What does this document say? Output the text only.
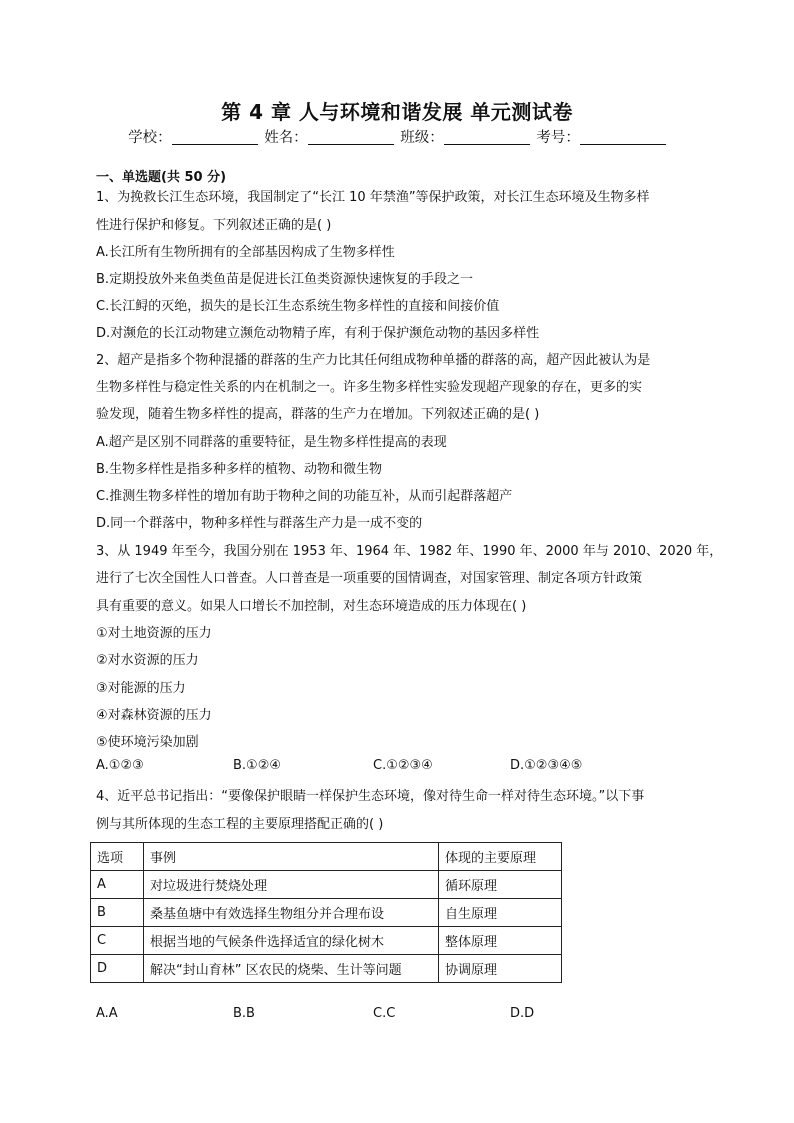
第 4 章 人与环境和谐发展 单元测试卷
学校：	姓名：	班级：	考号：
一、单选题(共 50 分)
1、为挽救长江生态环境，我国制定了“长江 10 年禁渔”等保护政策，对长江生态环境及生物多样
性进行保护和修复。下列叙述正确的是( )
A.长江所有生物所拥有的全部基因构成了生物多样性
B.定期投放外来鱼类鱼苗是促进长江鱼类资源快速恢复的手段之一
C.长江鲟的灭绝，损失的是长江生态系统生物多样性的直接和间接价值
D.对濒危的长江动物建立濒危动物精子库，有利于保护濒危动物的基因多样性
2、超产是指多个物种混播的群落的生产力比其任何组成物种单播的群落的高，超产因此被认为是
生物多样性与稳定性关系的内在机制之一。许多生物多样性实验发现超产现象的存在，更多的实
验发现，随着生物多样性的提高，群落的生产力在增加。下列叙述正确的是( )
A.超产是区别不同群落的重要特征，是生物多样性提高的表现
B.生物多样性是指多种多样的植物、动物和微生物
C.推测生物多样性的增加有助于物种之间的功能互补，从而引起群落超产
D.同一个群落中，物种多样性与群落生产力是一成不变的
3、从 1949 年至今，我国分别在 1953 年、1964 年、1982 年、1990 年、2000 年与 2010、2020 年，
进行了七次全国性人口普查。人口普查是一项重要的国情调查，对国家管理、制定各项方针政策
具有重要的意义。如果人口增长不加控制，对生态环境造成的压力体现在( )
①对土地资源的压力
②对水资源的压力
③对能源的压力
④对森林资源的压力
⑤使环境污染加剧
A.①②③	B.①②④	C.①②③④	D.①②③④⑤
4、近平总书记指出：“要像保护眼睛一样保护生态环境，像对待生命一样对待生态环境。”以下事
例与其所体现的生态工程的主要原理搭配正确的( )
选项	事例	体现的主要原理
A	对垃圾进行焚烧处理	循环原理
B	桑基鱼塘中有效选择生物组分并合理布设	自生原理
C	根据当地的气候条件选择适宜的绿化树木	整体原理
D	解决“封山育林” 区农民的烧柴、生计等问题	协调原理
A.A	B.B	C.C	D.D
